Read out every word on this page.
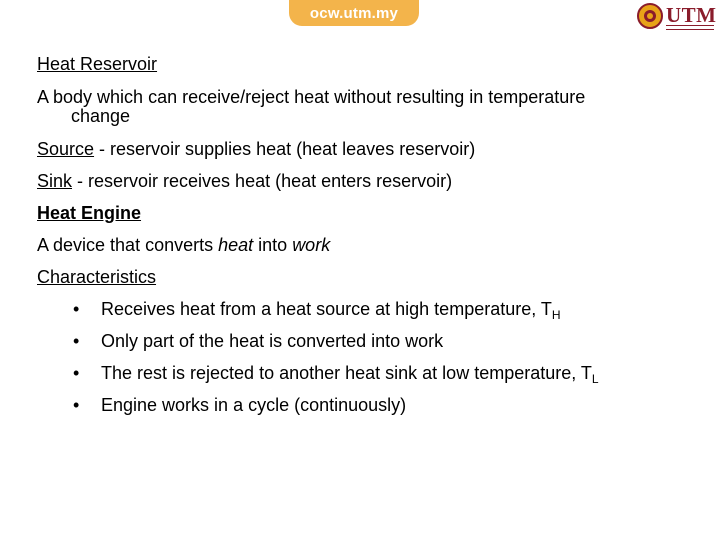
ocw.utm.my	UTM
Heat Reservoir
A body which can receive/reject heat without resulting in temperature
change
Source - reservoir supplies heat (heat leaves reservoir)
Sink - reservoir receives heat (heat enters reservoir)
Heat Engine
A device that converts heat into work
Characteristics
• Receives heat from a heat source at high temperature, $T_H$
• Only part of the heat is converted into work
• The rest is rejected to another heat sink at low temperature, $T_L$
• Engine works in a cycle (continuously)
